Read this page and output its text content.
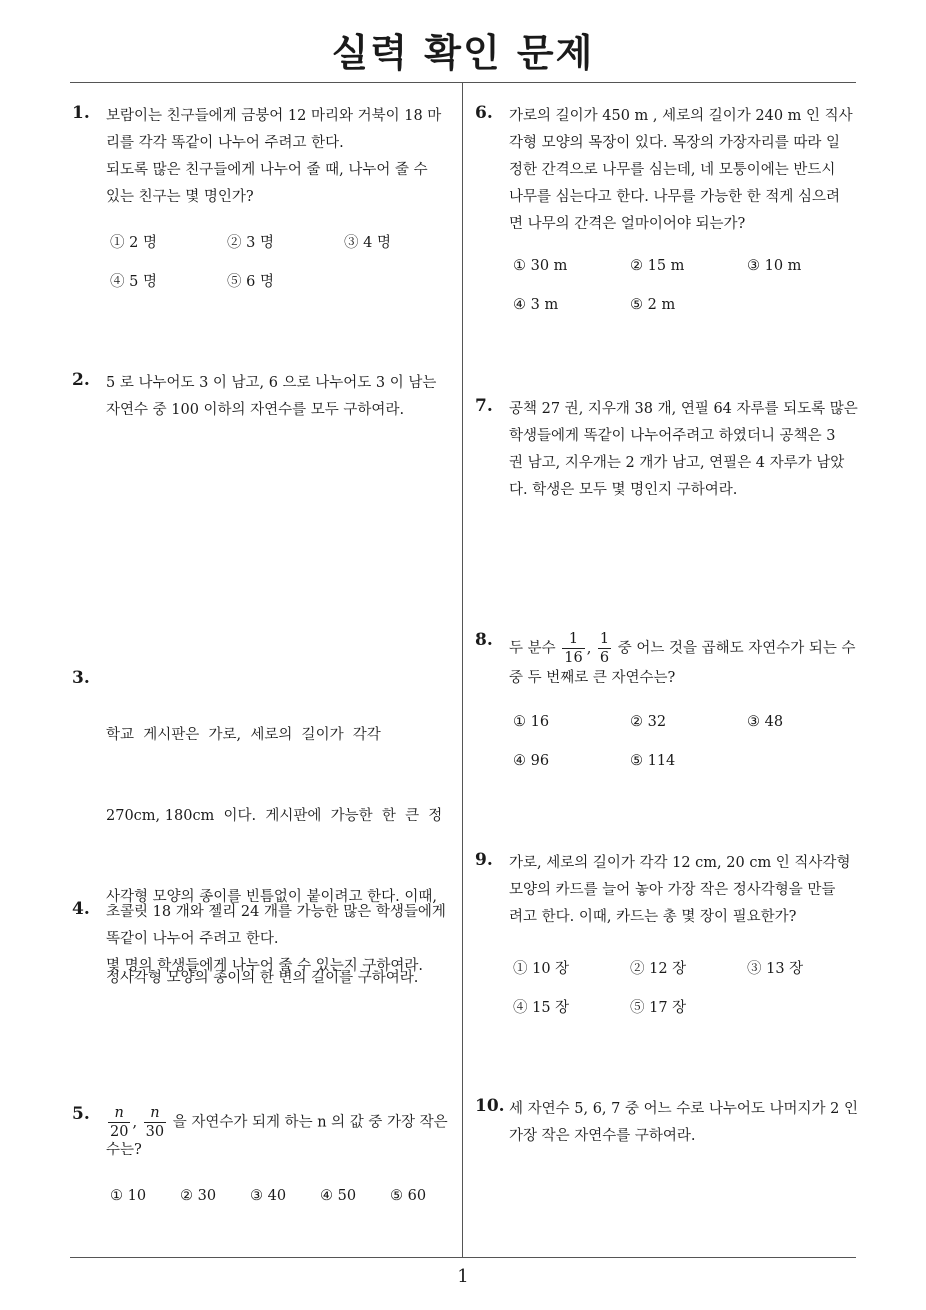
실력 확인 문제
1. 보람이는 친구들에게 금붕어 12 마리와 거북이 18 마

리를 각각 똑같이 나누어 주려고 한다.

되도록 많은 친구들에게 나누어 줄 때, 나누어 줄 수

있는 친구는 몇 명인가?

① 2 명	② 3 명	③ 4 명
④ 5 명	⑤ 6 명
2. 5 로 나누어도 3 이 남고, 6 으로 나누어도 3 이 남는

자연수 중 100 이하의 자연수를 모두 구하여라.

3.

학교  게시판은  가로,  세로의  길이가  각각

270cm, 180cm  이다.  게시판에  가능한  한  큰  정

사각형 모양의 종이를 빈틈없이 붙이려고 한다. 이때,

정사각형 모양의 종이의 한 변의 길이를 구하여라.

4. 초콜릿 18 개와 젤리 24 개를 가능한 많은 학생들에게

똑같이 나누어 주려고 한다.

몇 명의 학생들에게 나누어 줄 수 있는지 구하여라.

5. $\frac{n}{20}$ , $\frac{n}{30}$ 을 자연수가 되게 하는 n 의 값 중 가장 작은

수는?

① 10 ② 30 ③ 40 ④ 50 ⑤ 60
6. 가로의 길이가 450 m , 세로의 길이가 240 m 인 직사

각형 모양의 목장이 있다. 목장의 가장자리를 따라 일

정한 간격으로 나무를 심는데, 네 모퉁이에는 반드시

나무를 심는다고 한다. 나무를 가능한 한 적게 심으려

면 나무의 간격은 얼마이어야 되는가?

① 30 m	② 15 m	③ 10 m
④ 3 m	⑤ 2 m
7. 공책 27 권, 지우개 38 개, 연필 64 자루를 되도록 많은

학생들에게 똑같이 나누어주려고 하였더니 공책은 3

권 남고, 지우개는 2 개가 남고, 연필은 4 자루가 남았

다. 학생은 모두 몇 명인지 구하여라.

8. 두 분수 $\frac{1}{16}$ , $\frac{1}{6}$ 중 어느 것을 곱해도 자연수가 되는 수

중 두 번째로 큰 자연수는?

① 16	② 32	③ 48
④ 96	⑤ 114
9. 가로, 세로의 길이가 각각 12 cm, 20 cm 인 직사각형

모양의 카드를 늘어 놓아 가장 작은 정사각형을 만들

려고 한다. 이때, 카드는 총 몇 장이 필요한가?

① 10 장	② 12 장	③ 13 장
④ 15 장	⑤ 17 장
10. 세 자연수 5, 6, 7 중 어느 수로 나누어도 나머지가 2 인

가장 작은 자연수를 구하여라.

1
